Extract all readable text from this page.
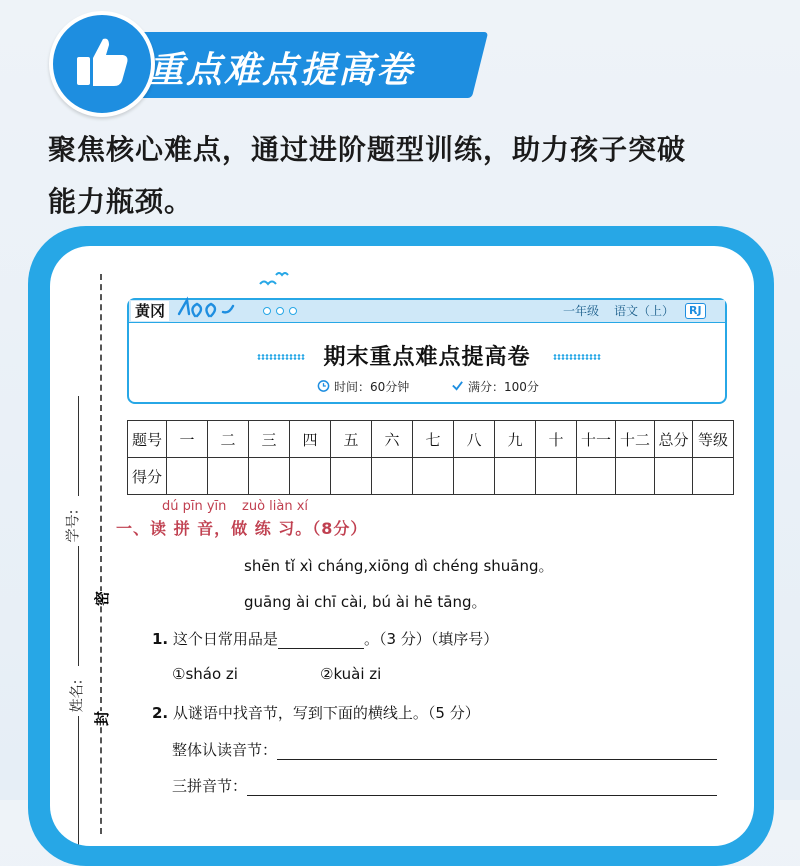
重点难点提高卷
聚焦核心难点，通过进阶题型训练，助力孩子突破
能力瓶颈。
学号:
姓名:
密
封
黄冈	一年级 语文（上）	RJ
期末重点难点提高卷
时间：60分钟	满分：100分
题号	一	二	三	四	五	六	七	八	九	十	十一	十二	总分	等级
得分														
dú pīn yīn zuò liàn xí
一、读 拼 音，做 练 习。（8分）
shēn tǐ xì cháng,xiōng dì chéng shuāng。
guāng ài chī cài, bú ài hē tāng。
1. 这个日常用品是	。（3 分）（填序号）
①sháo zi	②kuài zi
2. 从谜语中找音节，写到下面的横线上。（5 分）
整体认读音节：
三拼音节：
